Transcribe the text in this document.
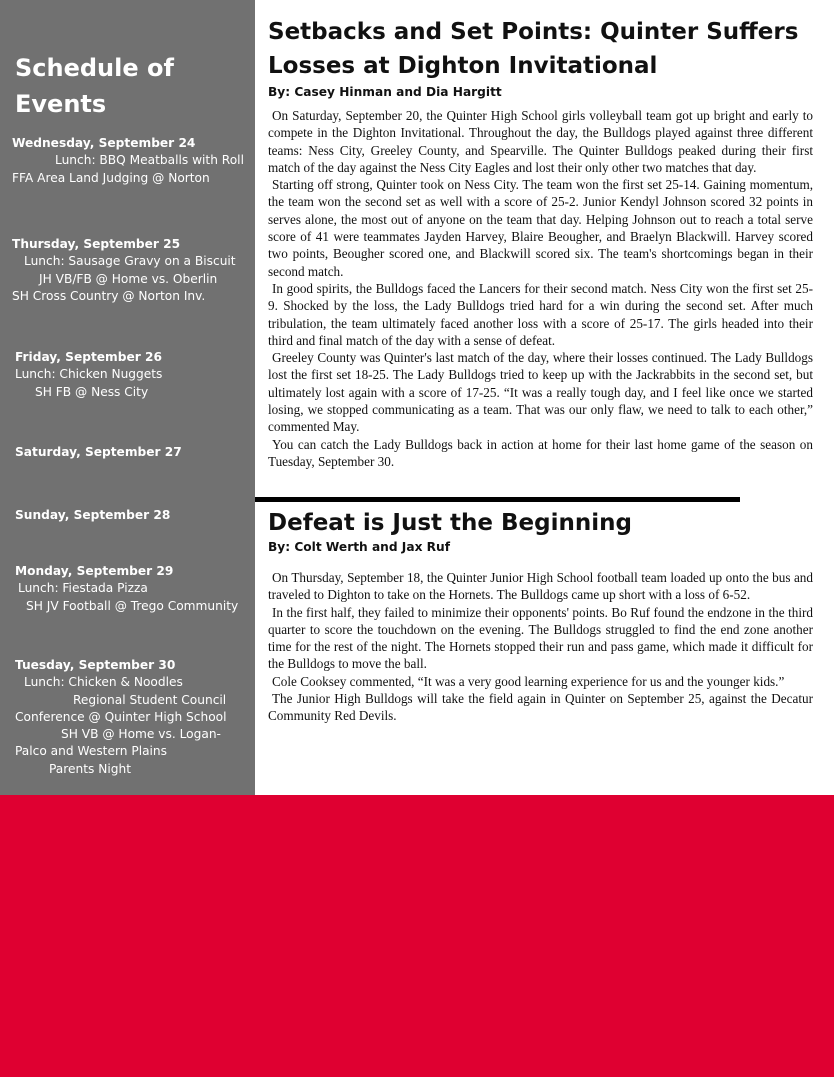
Schedule of
Events
Wednesday, September 24
Lunch: BBQ Meatballs with Roll
FFA Area Land Judging @ Norton
Thursday, September 25
Lunch: Sausage Gravy on a Biscuit
JH VB/FB @ Home vs. Oberlin
SH Cross Country @ Norton Inv.
Friday, September 26
Lunch: Chicken Nuggets
SH FB @ Ness City
Saturday, September 27
Sunday, September 28
Monday, September 29
Lunch: Fiestada Pizza
SH JV Football @ Trego Community
Tuesday, September 30
Lunch: Chicken & Noodles
Regional Student Council
Conference @ Quinter High School
SH VB @ Home vs. Logan-
Palco and Western Plains
Parents Night
Setbacks and Set Points: Quinter Suffers
Losses at Dighton Invitational
By: Casey Hinman and Dia Hargitt

On Saturday, September 20, the Quinter High School girls volleyball team got up bright and early to compete in the Dighton Invitational. Throughout the day, the Bulldogs played against three different teams: Ness City, Greeley County, and Spearville. The Quinter Bulldogs peaked during their first match of the day against the Ness City Eagles and lost their only other two matches that day.

Starting off strong, Quinter took on Ness City. The team won the first set 25-14. Gaining momentum, the team won the second set as well with a score of 25-2. Junior Kendyl Johnson scored 32 points in serves alone, the most out of anyone on the team that day. Helping Johnson out to reach a total serve score of 41 were teammates Jayden Harvey, Blaire Beougher, and Braelyn Blackwill. Harvey scored two points, Beougher scored one, and Blackwill scored six. The team's shortcomings began in their second match.

In good spirits, the Bulldogs faced the Lancers for their second match. Ness City won the first set 25-9. Shocked by the loss, the Lady Bulldogs tried hard for a win during the second set. After much tribulation, the team ultimately faced another loss with a score of 25-17. The girls headed into their third and final match of the day with a sense of defeat.

Greeley County was Quinter's last match of the day, where their losses continued. The Lady Bulldogs lost the first set 18-25. The Lady Bulldogs tried to keep up with the Jackrabbits in the second set, but ultimately lost again with a score of 17-25. “It was a really tough day, and I feel like once we started losing, we stopped communicating as a team. That was our only flaw, we need to talk to each other,” commented May.

You can catch the Lady Bulldogs back in action at home for their last home game of the season on Tuesday, September 30.

Defeat is Just the Beginning
By: Colt Werth and Jax Ruf

On Thursday, September 18, the Quinter Junior High School football team loaded up onto the bus and traveled to Dighton to take on the Hornets. The Bulldogs came up short with a loss of 6-52.

In the first half, they failed to minimize their opponents' points. Bo Ruf found the endzone in the third quarter to score the touchdown on the evening. The Bulldogs struggled to find the end zone another time for the rest of the night. The Hornets stopped their run and pass game, which made it difficult for the Bulldogs to move the ball.

Cole Cooksey commented, “It was a very good learning experience for us and the younger kids.”

The Junior High Bulldogs will take the field again in Quinter on September 25, against the Decatur Community Red Devils.
